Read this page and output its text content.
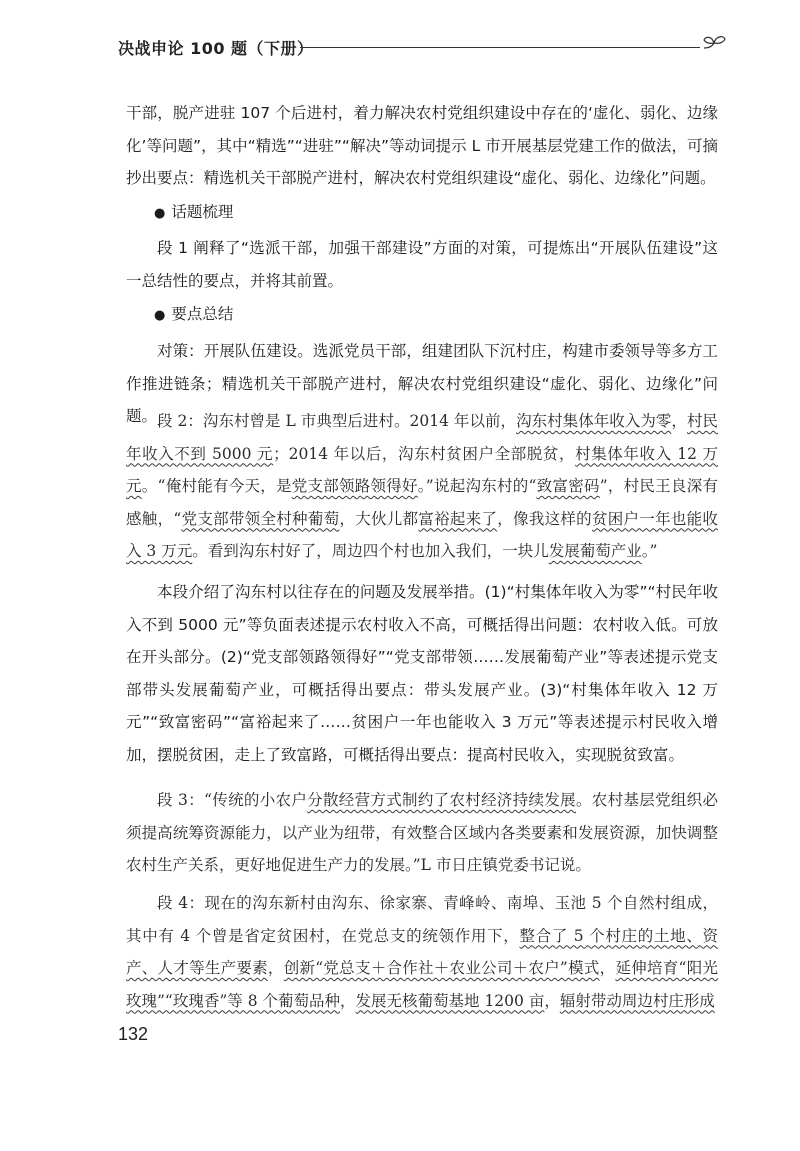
决战申论 100 题（下册）
干部，脱产进驻 107 个后进村，着力解决农村党组织建设中存在的‘虚化、弱化、边缘化’等问题”，其中“精选”“进驻”“解决”等动词提示 L 市开展基层党建工作的做法，可摘抄出要点：精选机关干部脱产进村，解决农村党组织建设“虚化、弱化、边缘化”问题。
● 话题梳理
段 1 阐释了“选派干部，加强干部建设”方面的对策，可提炼出“开展队伍建设”这一总结性的要点，并将其前置。
● 要点总结
对策：开展队伍建设。选派党员干部，组建团队下沉村庄，构建市委领导等多方工作推进链条；精选机关干部脱产进村，解决农村党组织建设“虚化、弱化、边缘化”问题。 段 2：沟东村曾是 L 市典型后进村。2014 年以前，沟东村集体年收入为零，村民年收入不到 5000 元；2014 年以后，沟东村贫困户全部脱贫，村集体年收入 12 万元。“俺村能有今天，是党支部领路领得好。”说起沟东村的“致富密码”，村民王良深有感触，“党支部带领全村种葡萄，大伙儿都富裕起来了，像我这样的贫困户一年也能收入 3 万元。看到沟东村好了，周边四个村也加入我们，一块儿发展葡萄产业。”
本段介绍了沟东村以往存在的问题及发展举措。(1)“村集体年收入为零”“村民年收入不到 5000 元”等负面表述提示农村收入不高，可概括得出问题：农村收入低。可放在开头部分。(2)“党支部领路领得好”“党支部带领……发展葡萄产业”等表述提示党支部带头发展葡萄产业，可概括得出要点：带头发展产业。(3)“村集体年收入 12 万元”“致富密码”“富裕起来了……贫困户一年也能收入 3 万元”等表述提示村民收入增加，摆脱贫困，走上了致富路，可概括得出要点：提高村民收入，实现脱贫致富。
段 3：“传统的小农户分散经营方式制约了农村经济持续发展。农村基层党组织必须提高统筹资源能力，以产业为纽带，有效整合区域内各类要素和发展资源，加快调整农村生产关系，更好地促进生产力的发展。”L 市日庄镇党委书记说。
段 4：现在的沟东新村由沟东、徐家寨、青峰岭、南埠、玉池 5 个自然村组成，其中有 4 个曾是省定贫困村，在党总支的统领作用下，整合了 5 个村庄的土地、资产、人才等生产要素，创新“党总支＋合作社＋农业公司＋农户”模式，延伸培育“阳光玫瑰”“玫瑰香”等 8 个葡萄品种，发展无核葡萄基地 1200 亩，辐射带动周边村庄形成
132
